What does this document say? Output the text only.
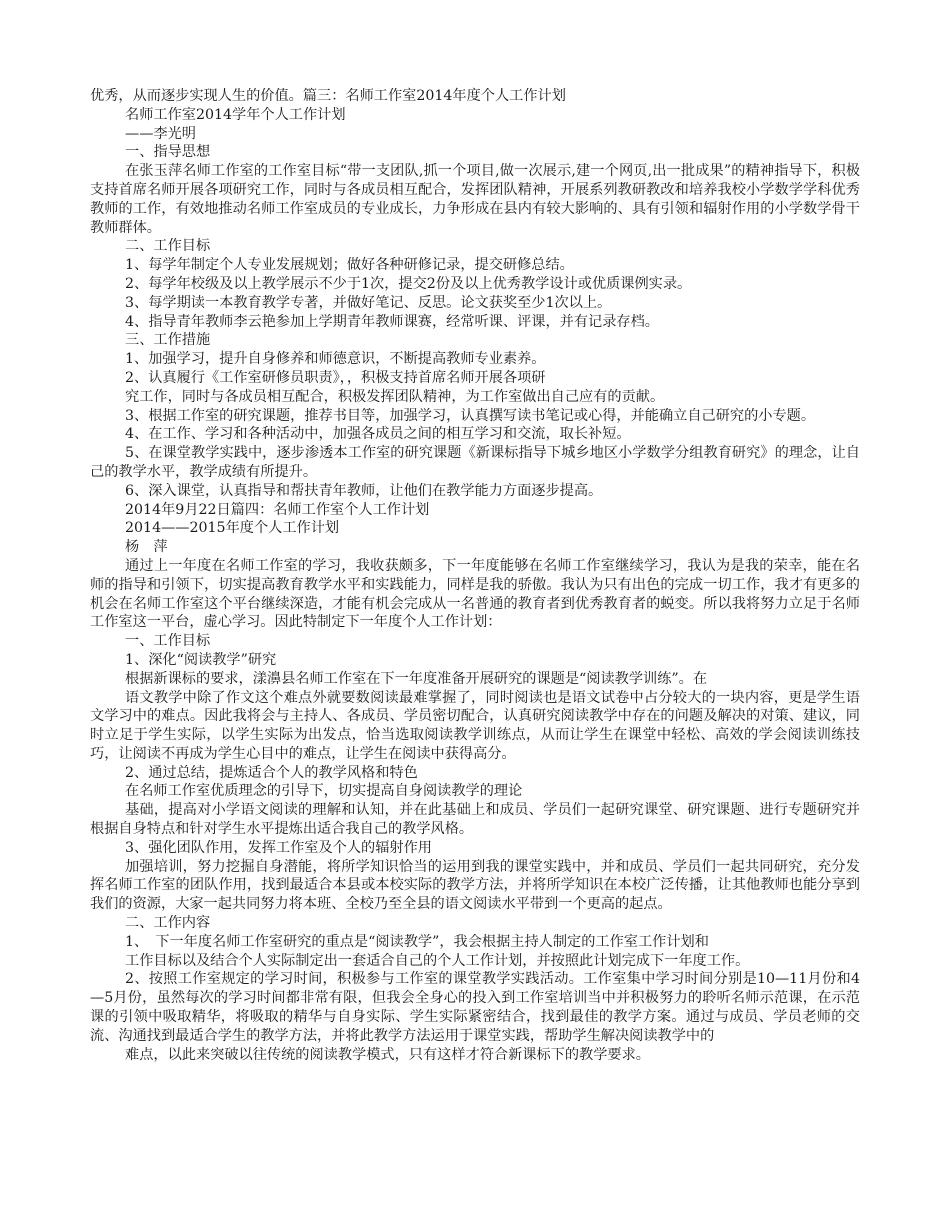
优秀，从而逐步实现人生的价值。篇三：名师工作室2014年度个人工作计划

名师工作室2014学年个人工作计划

——李光明

一、指导思想

在张玉萍名师工作室的工作室目标“带一支团队,抓一个项目,做一次展示,建一个网页,出一批成果”的精神指导下，积极支持首席名师开展各项研究工作，同时与各成员相互配合，发挥团队精神，开展系列教研教改和培养我校小学数学学科优秀教师的工作，有效地推动名师工作室成员的专业成长，力争形成在县内有较大影响的、具有引领和辐射作用的小学数学骨干教师群体。

二、工作目标

1、每学年制定个人专业发展规划；做好各种研修记录，提交研修总结。

2、每学年校级及以上教学展示不少于1次，提交2份及以上优秀教学设计或优质课例实录。

3、每学期读一本教育教学专著，并做好笔记、反思。论文获奖至少1次以上。

4、指导青年教师李云艳参加上学期青年教师课赛，经常听课、评课，并有记录存档。

三、工作措施

1、加强学习，提升自身修养和师德意识，不断提高教师专业素养。

2、认真履行《工作室研修员职责》，，积极支持首席名师开展各项研

究工作，同时与各成员相互配合，积极发挥团队精神，为工作室做出自己应有的贡献。

3、根据工作室的研究课题，推荐书目等，加强学习，认真撰写读书笔记或心得，并能确立自己研究的小专题。

4、在工作、学习和各种活动中，加强各成员之间的相互学习和交流，取长补短。

5、在课堂教学实践中，逐步渗透本工作室的研究课题《新课标指导下城乡地区小学数学分组教育研究》的理念，让自己的教学水平，教学成绩有所提升。

6、深入课堂，认真指导和帮扶青年教师，让他们在教学能力方面逐步提高。

2014年9月22日篇四：名师工作室个人工作计划

2014——2015年度个人工作计划

杨　萍

通过上一年度在名师工作室的学习，我收获颇多，下一年度能够在名师工作室继续学习，我认为是我的荣幸，能在名师的指导和引领下，切实提高教育教学水平和实践能力，同样是我的骄傲。我认为只有出色的完成一切工作，我才有更多的机会在名师工作室这个平台继续深造，才能有机会完成从一名普通的教育者到优秀教育者的蜕变。所以我将努力立足于名师工作室这一平台，虚心学习。因此特制定下一年度个人工作计划：

一、工作目标

1、深化“阅读教学”研究

根据新课标的要求，漾濞县名师工作室在下一年度准备开展研究的课题是“阅读教学训练”。在

语文教学中除了作文这个难点外就要数阅读最难掌握了，同时阅读也是语文试卷中占分较大的一块内容，更是学生语文学习中的难点。因此我将会与主持人、各成员、学员密切配合，认真研究阅读教学中存在的问题及解决的对策、建议，同时立足于学生实际，以学生实际为出发点，恰当选取阅读教学训练点，从而让学生在课堂中轻松、高效的学会阅读训练技巧，让阅读不再成为学生心目中的难点，让学生在阅读中获得高分。

2、通过总结，提炼适合个人的教学风格和特色

在名师工作室优质理念的引导下，切实提高自身阅读教学的理论

基础，提高对小学语文阅读的理解和认知，并在此基础上和成员、学员们一起研究课堂、研究课题、进行专题研究并根据自身特点和针对学生水平提炼出适合我自己的教学风格。

3、强化团队作用，发挥工作室及个人的辐射作用

加强培训，努力挖掘自身潜能，将所学知识恰当的运用到我的课堂实践中，并和成员、学员们一起共同研究，充分发挥名师工作室的团队作用，找到最适合本县或本校实际的教学方法，并将所学知识在本校广泛传播，让其他教师也能分享到我们的资源，大家一起共同努力将本班、全校乃至全县的语文阅读水平带到一个更高的起点。

二、工作内容

1、　下一年度名师工作室研究的重点是“阅读教学”，我会根据主持人制定的工作室工作计划和

工作目标以及结合个人实际制定出一套适合自己的个人工作计划，并按照此计划完成下一年度工作。

2、按照工作室规定的学习时间，积极参与工作室的课堂教学实践活动。工作室集中学习时间分别是10—11月份和4—5月份，虽然每次的学习时间都非常有限，但我会全身心的投入到工作室培训当中并积极努力的聆听名师示范课，在示范课的引领中吸取精华，将吸取的精华与自身实际、学生实际紧密结合，找到最佳的教学方案。通过与成员、学员老师的交流、沟通找到最适合学生的教学方法，并将此教学方法运用于课堂实践，帮助学生解决阅读教学中的

难点，以此来突破以往传统的阅读教学模式，只有这样才符合新课标下的教学要求。
